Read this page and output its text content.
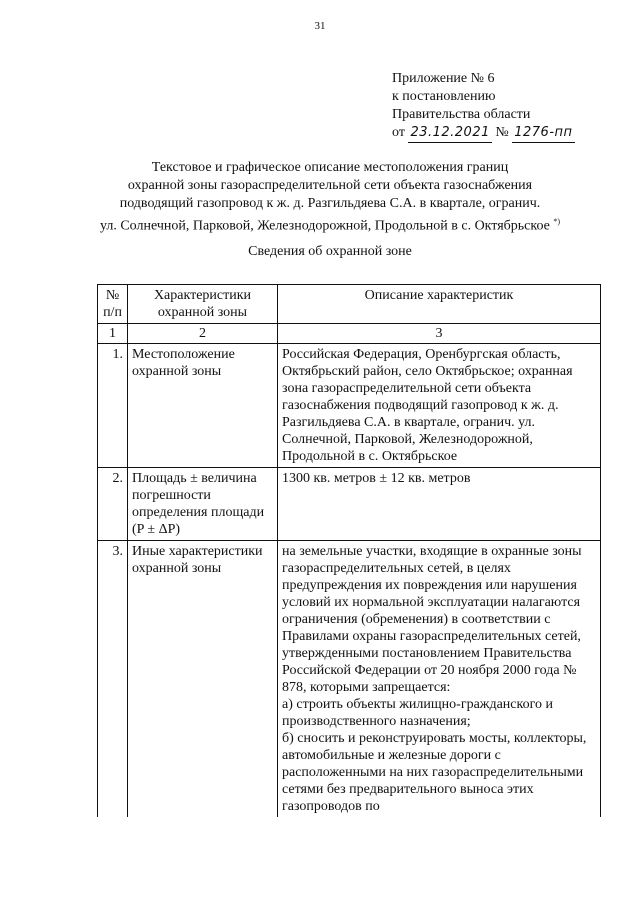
31
Приложение № 6
к постановлению
Правительства области
от 23.12.2021 № 1276-пп
Текстовое и графическое описание местоположения границ
охранной зоны газораспределительной сети объекта газоснабжения
подводящий газопровод к ж. д. Разгильдяева С.А. в квартале, огранич.
ул. Солнечной, Парковой, Железнодорожной, Продольной в с. Октябрьское *)
Сведения об охранной зоне
№ п/п	Характеристики охранной зоны	Описание характеристик
1	2	3
1.	Местоположение охранной зоны	Российская Федерация, Оренбургская область, Октябрьский район, село Октябрьское; охранная зона газораспределительной сети объекта газоснабжения подводящий газопровод к ж. д. Разгильдяева С.А. в квартале, огранич. ул. Солнечной, Парковой, Железнодорожной, Продольной в с. Октябрьское
2.	Площадь ± величина погрешности определения площади (P ± ΔP)	1300 кв. метров ± 12 кв. метров
3.	Иные характеристики охранной зоны	на земельные участки, входящие в охранные зоны газораспределительных сетей, в целях предупреждения их повреждения или нарушения условий их нормальной эксплуатации налагаются ограничения (обременения) в соответствии с Правилами охраны газораспределительных сетей, утвержденными постановлением Правительства Российской Федерации от 20 ноября 2000 года № 878, которыми запрещается:
а) строить объекты жилищно-гражданского и производственного назначения;
б) сносить и реконструировать мосты, коллекторы, автомобильные и железные дороги с расположенными на них газораспределительными сетями без предварительного выноса этих газопроводов по
